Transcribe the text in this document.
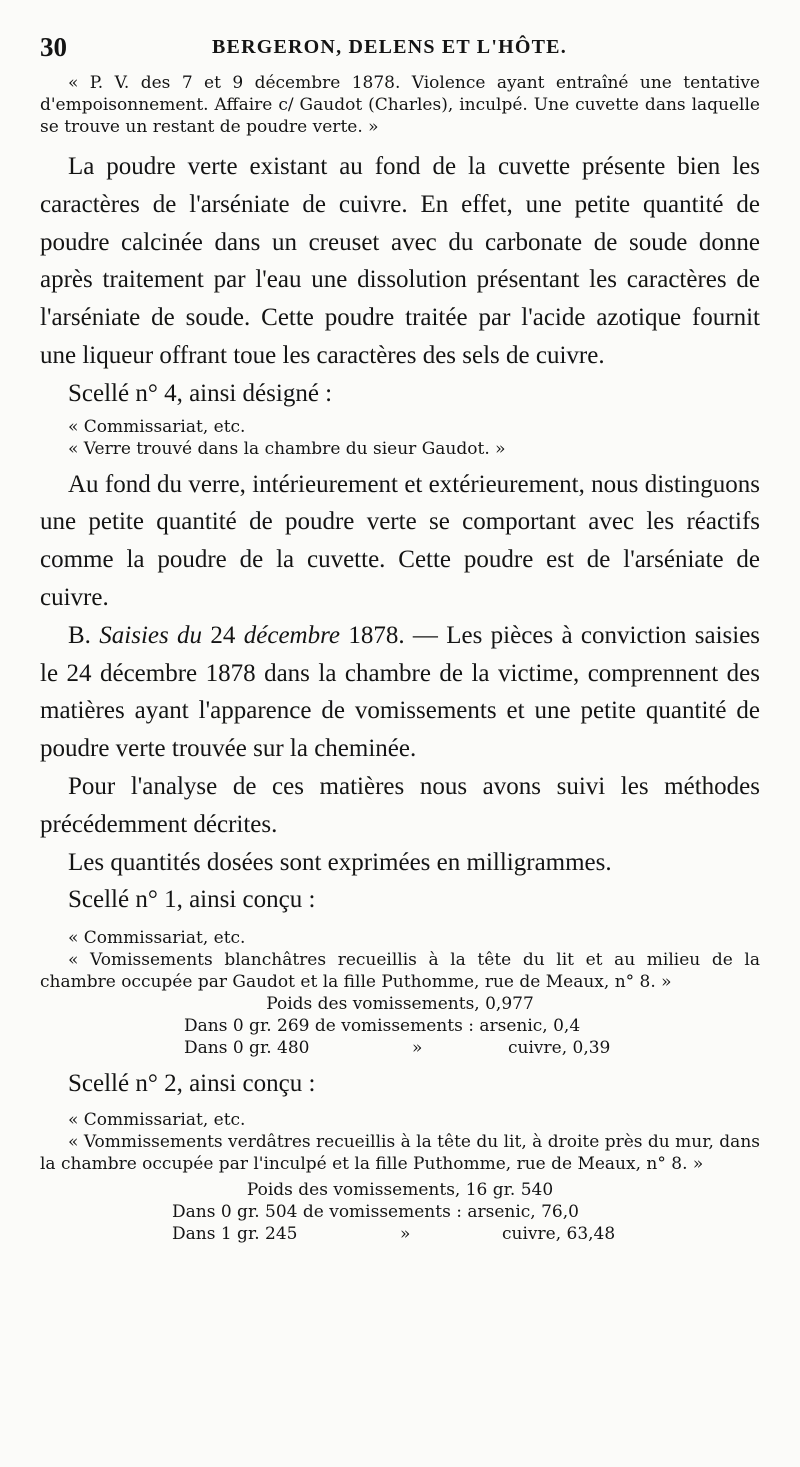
30	BERGERON, DELENS ET L'HÔTE.

« P. V. des 7 et 9 décembre 1878. Violence ayant entraîné une tentative d'empoisonnement. Affaire c/ Gaudot (Charles), inculpé. Une cuvette dans laquelle se trouve un restant de poudre verte. »

La poudre verte existant au fond de la cuvette présente bien les caractères de l'arséniate de cuivre. En effet, une petite quantité de poudre calcinée dans un creuset avec du carbonate de soude donne après traitement par l'eau une dissolution présentant les caractères de l'arséniate de soude. Cette poudre traitée par l'acide azotique fournit une liqueur offrant toue les caractères des sels de cuivre.

Scellé n° 4, ainsi désigné :

« Commissariat, etc.

« Verre trouvé dans la chambre du sieur Gaudot. »

Au fond du verre, intérieurement et extérieurement, nous distinguons une petite quantité de poudre verte se comportant avec les réactifs comme la poudre de la cuvette. Cette poudre est de l'arséniate de cuivre.

B. Saisies du 24 décembre 1878. — Les pièces à conviction saisies le 24 décembre 1878 dans la chambre de la victime, comprennent des matières ayant l'apparence de vomissements et une petite quantité de poudre verte trouvée sur la cheminée.

Pour l'analyse de ces matières nous avons suivi les méthodes précédemment décrites.

Les quantités dosées sont exprimées en milligrammes.

Scellé n° 1, ainsi conçu :

« Commissariat, etc.

« Vomissements blanchâtres recueillis à la tête du lit et au milieu de la chambre occupée par Gaudot et la fille Puthomme, rue de Meaux, n° 8. »

Poids des vomissements, 0,977
Dans 0 gr. 269 de vomissements : arsenic, 0,4
Dans 0 gr. 480	»	cuivre, 0,39

Scellé n° 2, ainsi conçu :

« Commissariat, etc.

« Vommissements verdâtres recueillis à la tête du lit, à droite près du mur, dans la chambre occupée par l'inculpé et la fille Puthomme, rue de Meaux, n° 8. »

Poids des vomissements, 16 gr. 540
Dans 0 gr. 504 de vomissements : arsenic, 76,0
Dans 1 gr. 245	»	cuivre, 63,48
